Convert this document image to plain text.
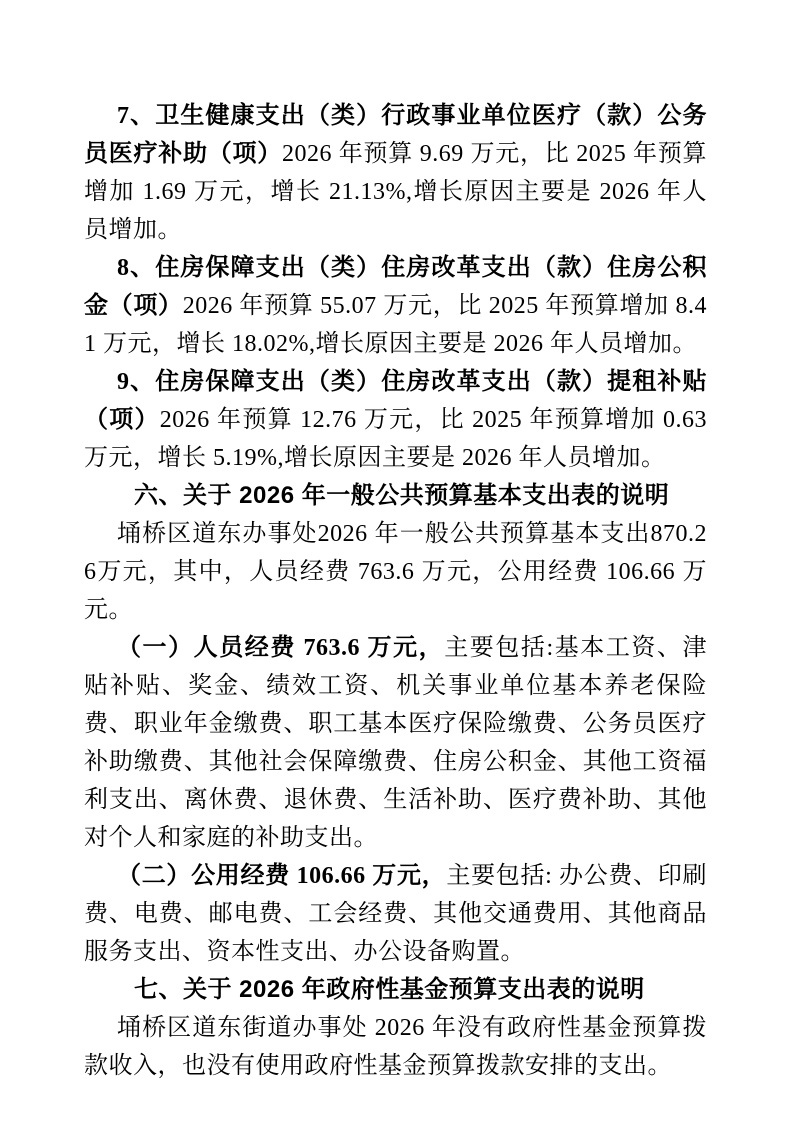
7、卫生健康支出（类）行政事业单位医疗（款）公务员医疗补助（项）2026 年预算 9.69 万元，比 2025 年预算增加 1.69 万元，增长 21.13%,增长原因主要是 2026 年人员增加。

8、住房保障支出（类）住房改革支出（款）住房公积金（项）2026 年预算 55.07 万元，比 2025 年预算增加 8.41 万元，增长 18.02%,增长原因主要是 2026 年人员增加。

9、住房保障支出（类）住房改革支出（款）提租补贴（项）2026 年预算 12.76 万元，比 2025 年预算增加 0.63 万元，增长 5.19%,增长原因主要是 2026 年人员增加。

六、关于 2026 年一般公共预算基本支出表的说明

埇桥区道东办事处2026 年一般公共预算基本支出870.26万元，其中，人员经费 763.6 万元，公用经费 106.66 万元。

（一）人员经费 763.6 万元，主要包括:基本工资、津贴补贴、奖金、绩效工资、机关事业单位基本养老保险费、职业年金缴费、职工基本医疗保险缴费、公务员医疗补助缴费、其他社会保障缴费、住房公积金、其他工资福利支出、离休费、退休费、生活补助、医疗费补助、其他对个人和家庭的补助支出。

（二）公用经费 106.66 万元，主要包括: 办公费、印刷费、电费、邮电费、工会经费、其他交通费用、其他商品服务支出、资本性支出、办公设备购置。

七、关于 2026 年政府性基金预算支出表的说明

埇桥区道东街道办事处 2026 年没有政府性基金预算拨款收入，也没有使用政府性基金预算拨款安排的支出。
